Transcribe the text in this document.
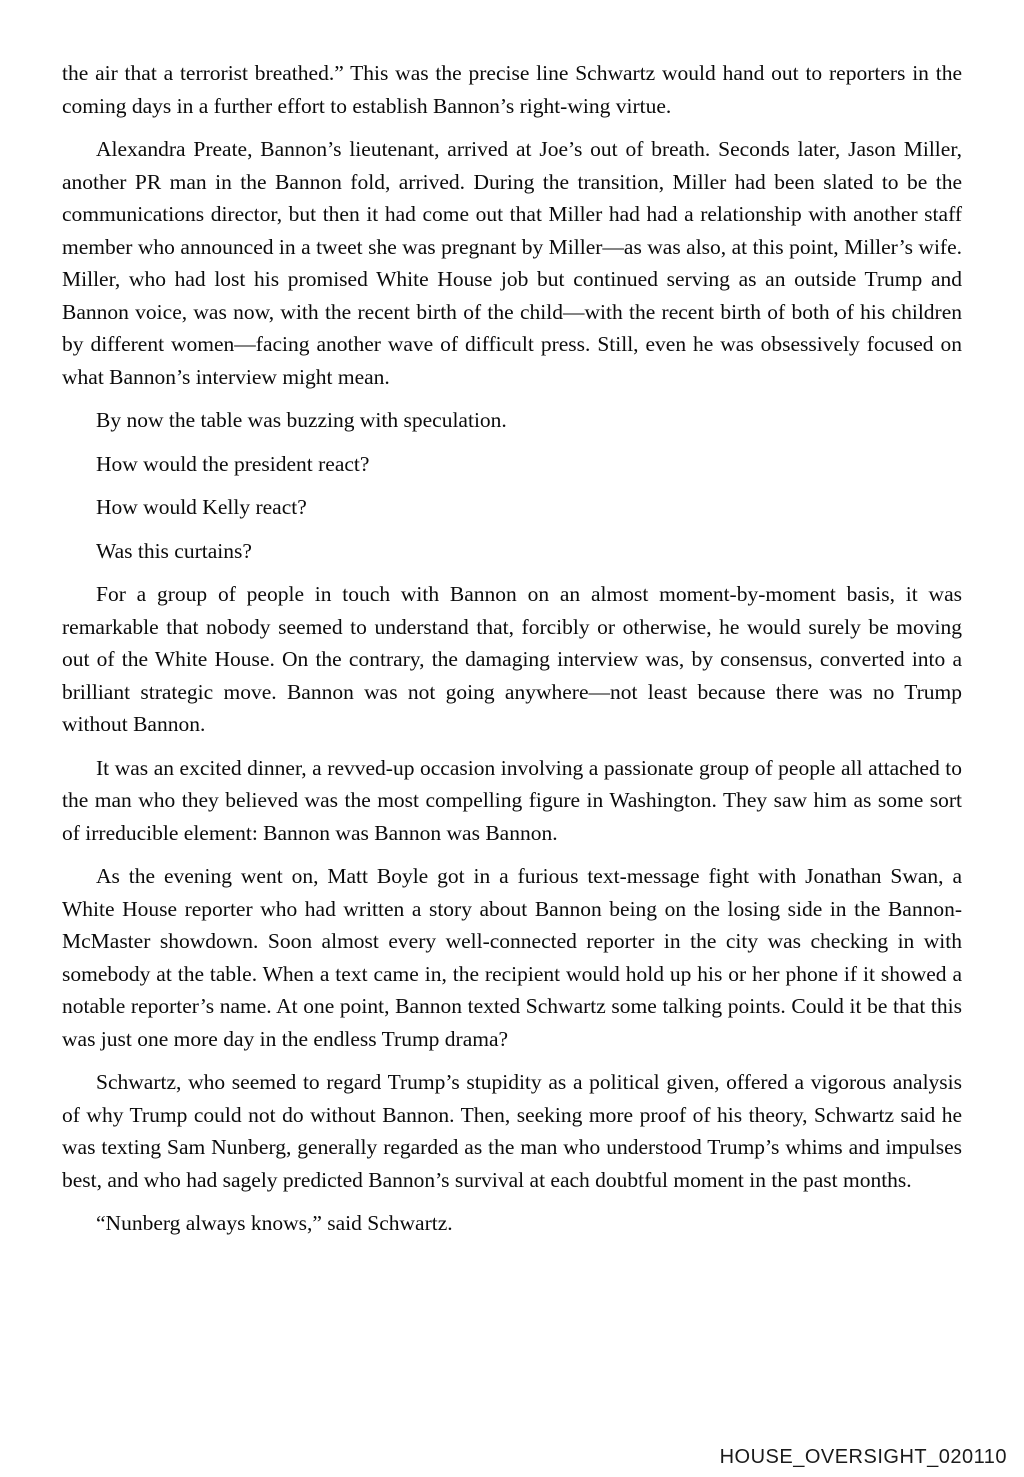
the air that a terrorist breathed.” This was the precise line Schwartz would hand out to reporters in the coming days in a further effort to establish Bannon’s right-wing virtue.

Alexandra Preate, Bannon’s lieutenant, arrived at Joe’s out of breath. Seconds later, Jason Miller, another PR man in the Bannon fold, arrived. During the transition, Miller had been slated to be the communications director, but then it had come out that Miller had had a relationship with another staff member who announced in a tweet she was pregnant by Miller—as was also, at this point, Miller’s wife. Miller, who had lost his promised White House job but continued serving as an outside Trump and Bannon voice, was now, with the recent birth of the child—with the recent birth of both of his children by different women—facing another wave of difficult press. Still, even he was obsessively focused on what Bannon’s interview might mean.

By now the table was buzzing with speculation.

How would the president react?

How would Kelly react?

Was this curtains?

For a group of people in touch with Bannon on an almost moment-by-moment basis, it was remarkable that nobody seemed to understand that, forcibly or otherwise, he would surely be moving out of the White House. On the contrary, the damaging interview was, by consensus, converted into a brilliant strategic move. Bannon was not going anywhere—not least because there was no Trump without Bannon.

It was an excited dinner, a revved-up occasion involving a passionate group of people all attached to the man who they believed was the most compelling figure in Washington. They saw him as some sort of irreducible element: Bannon was Bannon was Bannon.

As the evening went on, Matt Boyle got in a furious text-message fight with Jonathan Swan, a White House reporter who had written a story about Bannon being on the losing side in the Bannon-McMaster showdown. Soon almost every well-connected reporter in the city was checking in with somebody at the table. When a text came in, the recipient would hold up his or her phone if it showed a notable reporter’s name. At one point, Bannon texted Schwartz some talking points. Could it be that this was just one more day in the endless Trump drama?

Schwartz, who seemed to regard Trump’s stupidity as a political given, offered a vigorous analysis of why Trump could not do without Bannon. Then, seeking more proof of his theory, Schwartz said he was texting Sam Nunberg, generally regarded as the man who understood Trump’s whims and impulses best, and who had sagely predicted Bannon’s survival at each doubtful moment in the past months.

“Nunberg always knows,” said Schwartz.

HOUSE_OVERSIGHT_020110
